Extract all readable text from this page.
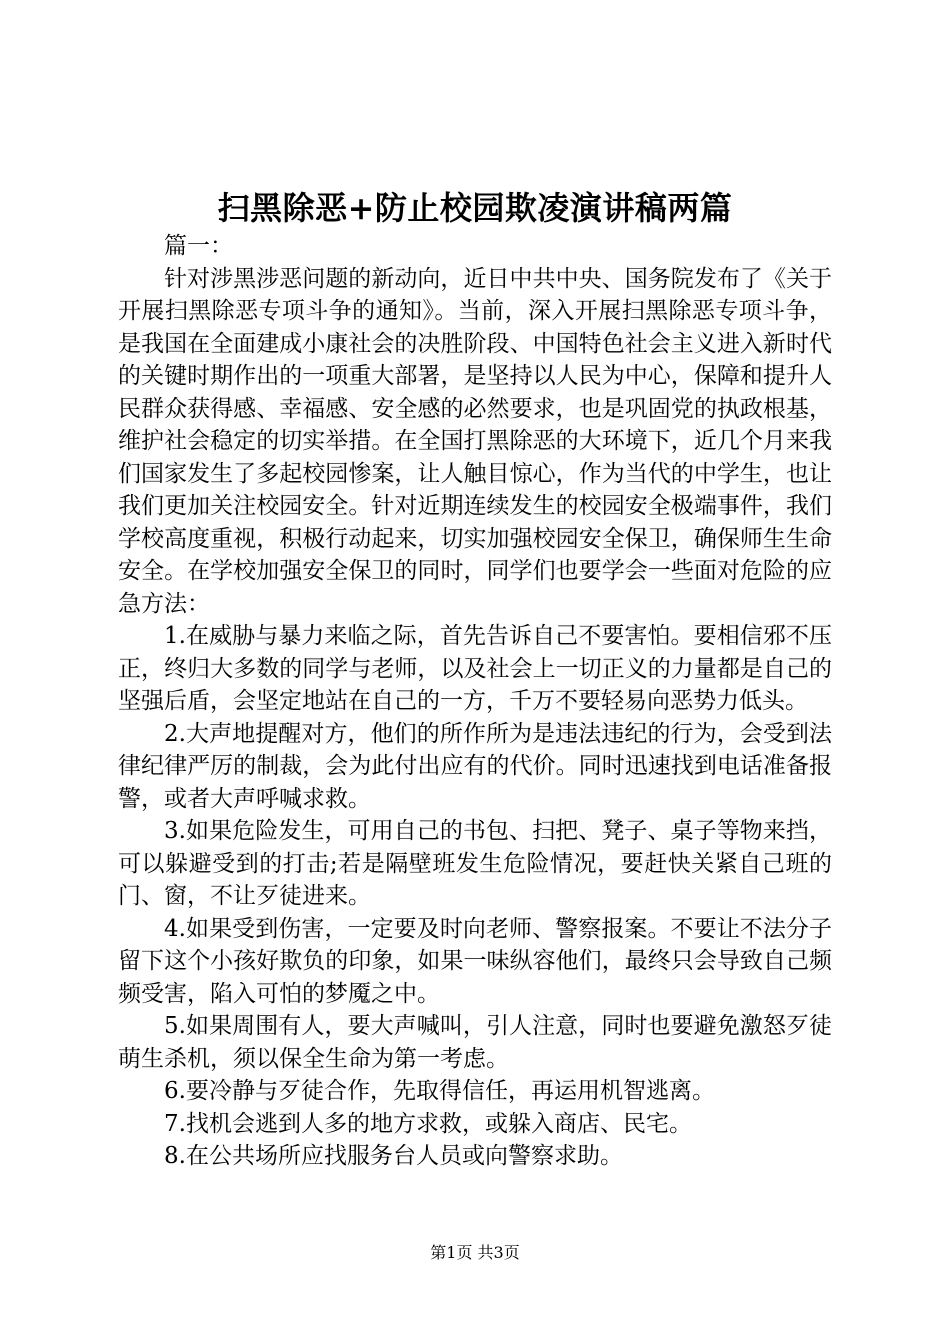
扫黑除恶+防止校园欺凌演讲稿两篇

篇一：

针对涉黑涉恶问题的新动向，近日中共中央、国务院发布了《关于开展扫黑除恶专项斗争的通知》。当前，深入开展扫黑除恶专项斗争，是我国在全面建成小康社会的决胜阶段、中国特色社会主义进入新时代的关键时期作出的一项重大部署，是坚持以人民为中心，保障和提升人民群众获得感、幸福感、安全感的必然要求，也是巩固党的执政根基，维护社会稳定的切实举措。在全国打黑除恶的大环境下，近几个月来我们国家发生了多起校园惨案，让人触目惊心，作为当代的中学生，也让我们更加关注校园安全。针对近期连续发生的校园安全极端事件，我们学校高度重视，积极行动起来，切实加强校园安全保卫，确保师生生命安全。在学校加强安全保卫的同时，同学们也要学会一些面对危险的应急方法：

1.在威胁与暴力来临之际，首先告诉自己不要害怕。要相信邪不压正，终归大多数的同学与老师，以及社会上一切正义的力量都是自己的坚强后盾，会坚定地站在自己的一方，千万不要轻易向恶势力低头。

2.大声地提醒对方，他们的所作所为是违法违纪的行为，会受到法律纪律严厉的制裁，会为此付出应有的代价。同时迅速找到电话准备报警，或者大声呼喊求救。

3.如果危险发生，可用自己的书包、扫把、凳子、桌子等物来挡，可以躲避受到的打击;若是隔壁班发生危险情况，要赶快关紧自己班的门、窗，不让歹徒进来。

4.如果受到伤害，一定要及时向老师、警察报案。不要让不法分子留下这个小孩好欺负的印象，如果一味纵容他们，最终只会导致自己频频受害，陷入可怕的梦魇之中。

5.如果周围有人，要大声喊叫，引人注意，同时也要避免激怒歹徒萌生杀机，须以保全生命为第一考虑。

6.要冷静与歹徒合作，先取得信任，再运用机智逃离。

7.找机会逃到人多的地方求救，或躲入商店、民宅。

8.在公共场所应找服务台人员或向警察求助。

第1页 共3页
